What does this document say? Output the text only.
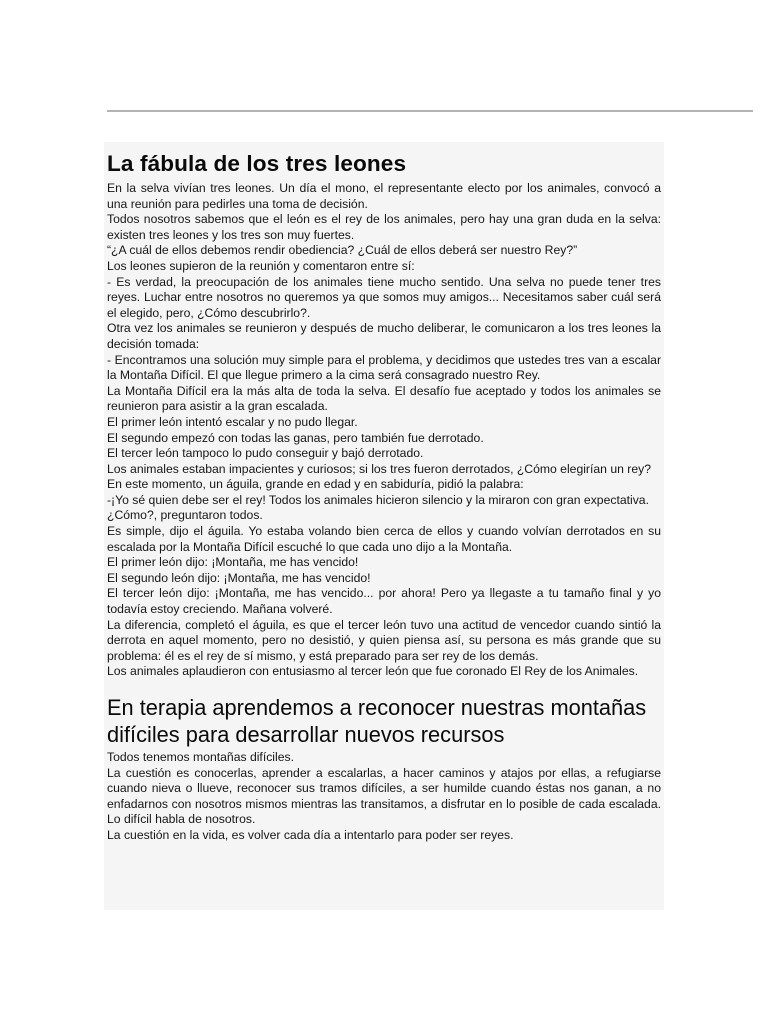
La fábula de los tres leones

En la selva vivían tres leones. Un día el mono, el representante electo por los animales, convocó a una reunión para pedirles una toma de decisión.

Todos nosotros sabemos que el león es el rey de los animales, pero hay una gran duda en la selva: existen tres leones y los tres son muy fuertes.

“¿A cuál de ellos debemos rendir obediencia? ¿Cuál de ellos deberá ser nuestro Rey?”

Los leones supieron de la reunión y comentaron entre sí:

- Es verdad, la preocupación de los animales tiene mucho sentido. Una selva no puede tener tres reyes. Luchar entre nosotros no queremos ya que somos muy amigos... Necesitamos saber cuál será el elegido, pero, ¿Cómo descubrirlo?.

Otra vez los animales se reunieron y después de mucho deliberar, le comunicaron a los tres leones la decisión tomada:

- Encontramos una solución muy simple para el problema, y decidimos que ustedes tres van a escalar la Montaña Difícil. El que llegue primero a la cima será consagrado nuestro Rey.

La Montaña Difícil era la más alta de toda la selva. El desafío fue aceptado y todos los animales se reunieron para asistir a la gran escalada.

El primer león intentó escalar y no pudo llegar.

El segundo empezó con todas las ganas, pero también fue derrotado.

El tercer león tampoco lo pudo conseguir y bajó derrotado.

Los animales estaban impacientes y curiosos; si los tres fueron derrotados, ¿Cómo elegirían un rey?

En este momento, un águila, grande en edad y en sabiduría, pidió la palabra:

-¡Yo sé quien debe ser el rey! Todos los animales hicieron silencio y la miraron con gran expectativa.

¿Cómo?, preguntaron todos.

Es simple, dijo el águila. Yo estaba volando bien cerca de ellos y cuando volvían derrotados en su escalada por la Montaña Difícil escuché lo que cada uno dijo a la Montaña.

El primer león dijo: ¡Montaña, me has vencido!

El segundo león dijo: ¡Montaña, me has vencido!

El tercer león dijo: ¡Montaña, me has vencido... por ahora! Pero ya llegaste a tu tamaño final y yo todavía estoy creciendo. Mañana volveré.

La diferencia, completó el águila, es que el tercer león tuvo una actitud de vencedor cuando sintió la derrota en aquel momento, pero no desistió, y quien piensa así, su persona es más grande que su problema: él es el rey de sí mismo, y está preparado para ser rey de los demás.

Los animales aplaudieron con entusiasmo al tercer león que fue coronado El Rey de los Animales.

En terapia aprendemos a reconocer nuestras montañas difíciles para desarrollar nuevos recursos

Todos tenemos montañas difíciles.

La cuestión es conocerlas, aprender a escalarlas, a hacer caminos y atajos por ellas, a refugiarse cuando nieva o llueve, reconocer sus tramos difíciles, a ser humilde cuando éstas nos ganan, a no enfadarnos con nosotros mismos mientras las transitamos, a disfrutar en lo posible de cada escalada. Lo difícil habla de nosotros.

La cuestión en la vida, es volver cada día a intentarlo para poder ser reyes.
